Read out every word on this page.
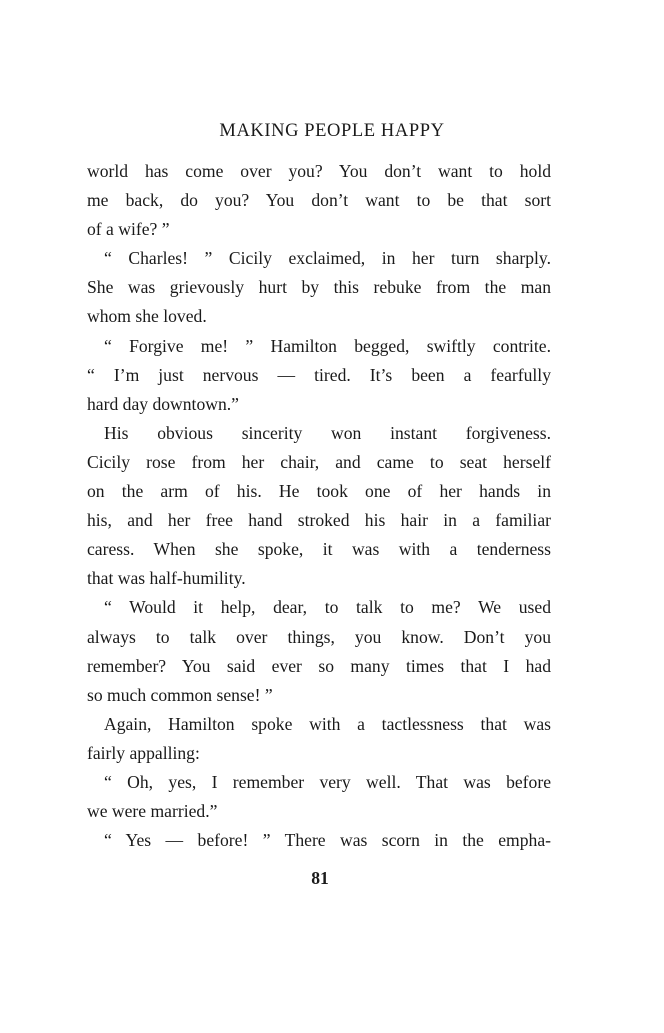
MAKING PEOPLE HAPPY
world has come over you? You don’t want to hold
me back, do you? You don’t want to be that sort
of a wife? ”
“ Charles! ” Cicily exclaimed, in her turn sharply.
She was grievously hurt by this rebuke from the man
whom she loved.
“ Forgive me! ” Hamilton begged, swiftly contrite.
“ I’m just nervous — tired. It’s been a fearfully
hard day downtown.”
His obvious sincerity won instant forgiveness.
Cicily rose from her chair, and came to seat herself
on the arm of his. He took one of her hands in
his, and her free hand stroked his hair in a familiar
caress. When she spoke, it was with a tenderness
that was half-humility.
“ Would it help, dear, to talk to me? We used
always to talk over things, you know. Don’t you
remember? You said ever so many times that I had
so much common sense! ”
Again, Hamilton spoke with a tactlessness that was
fairly appalling:
“ Oh, yes, I remember very well. That was before
we were married.”
“ Yes — before! ” There was scorn in the empha-
81
